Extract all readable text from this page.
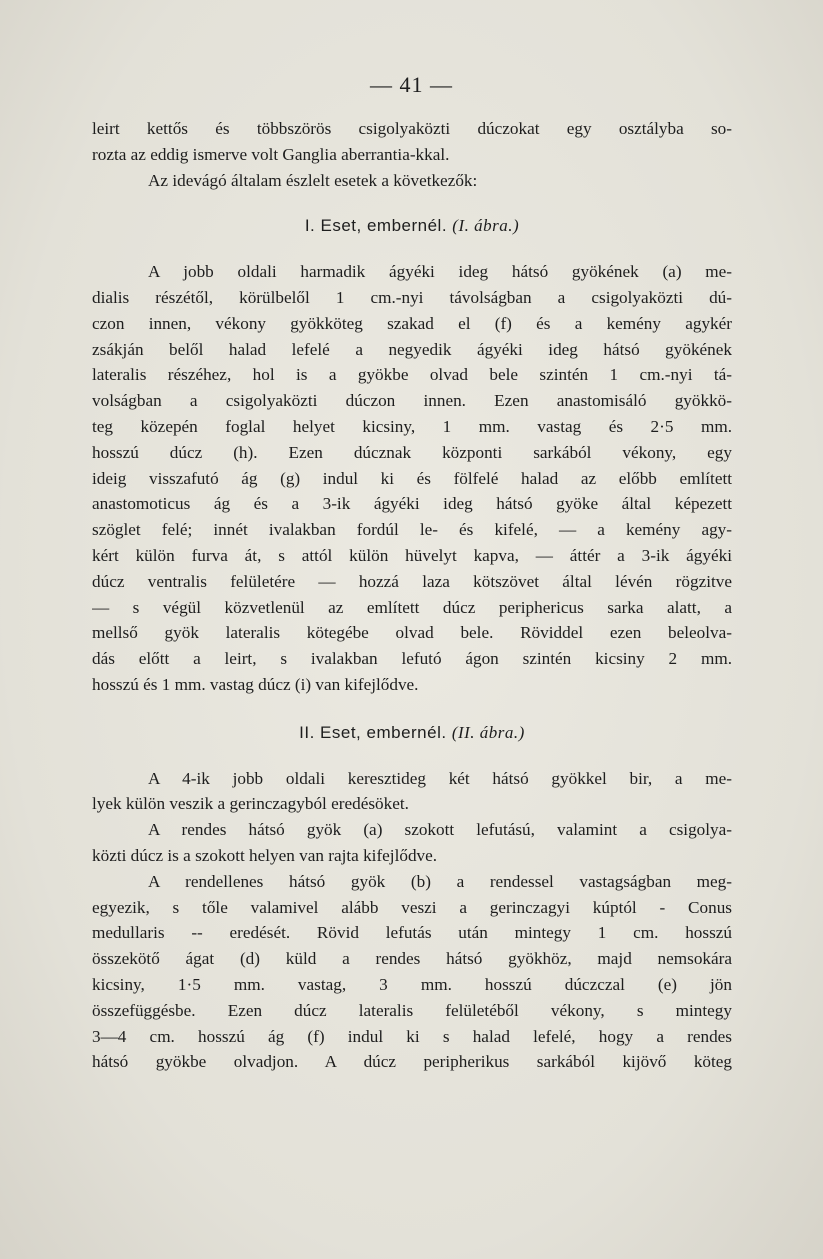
— 41 —
leirt kettős és többszörös csigolyaközti dúczokat egy osztályba so-
rozta az eddig ismerve volt Ganglia aberrantia-kkal.
Az idevágó általam észlelt esetek a következők:
I. Eset, embernél. (I. ábra.)
A jobb oldali harmadik ágyéki ideg hátsó gyökének (a) me-
dialis részétől, körülbelől 1 cm.-nyi távolságban a csigolyaközti dú-
czon innen, vékony gyökköteg szakad el (f) és a kemény agykér
zsákján belől halad lefelé a negyedik ágyéki ideg hátsó gyökének
lateralis részéhez, hol is a gyökbe olvad bele szintén 1 cm.-nyi tá-
volságban a csigolyaközti dúczon innen. Ezen anastomisáló gyökkö-
teg közepén foglal helyet kicsiny, 1 mm. vastag és 2·5 mm.
hosszú dúcz (h). Ezen dúcznak központi sarkából vékony, egy
ideig visszafutó ág (g) indul ki és fölfelé halad az előbb említett
anastomoticus ág és a 3-ik ágyéki ideg hátsó gyöke által képezett
szöglet felé; innét ivalakban fordúl le- és kifelé, — a kemény agy-
kért külön furva át, s attól külön hüvelyt kapva, — áttér a 3-ik ágyéki
dúcz ventralis felületére — hozzá laza kötszövet által lévén rögzitve
— s végül közvetlenül az említett dúcz periphericus sarka alatt, a
mellső gyök lateralis kötegébe olvad bele. Röviddel ezen beleolva-
dás előtt a leirt, s ivalakban lefutó ágon szintén kicsiny 2 mm.
hosszú és 1 mm. vastag dúcz (i) van kifejlődve.
II. Eset, embernél. (II. ábra.)
A 4-ik jobb oldali keresztideg két hátsó gyökkel bir, a me-
lyek külön veszik a gerinczagyból eredésöket.
A rendes hátsó gyök (a) szokott lefutású, valamint a csigolya-
közti dúcz is a szokott helyen van rajta kifejlődve.
A rendellenes hátsó gyök (b) a rendessel vastagságban meg-
egyezik, s tőle valamivel alább veszi a gerinczagyi kúptól - Conus
medullaris -- eredését. Rövid lefutás után mintegy 1 cm. hosszú
összekötő ágat (d) küld a rendes hátsó gyökhöz, majd nemsokára
kicsiny, 1·5 mm. vastag, 3 mm. hosszú dúczczal (e) jön
összefüggésbe. Ezen dúcz lateralis felületéből vékony, s mintegy
3—4 cm. hosszú ág (f) indul ki s halad lefelé, hogy a rendes
hátsó gyökbe olvadjon. A dúcz peripherikus sarkából kijövő köteg
